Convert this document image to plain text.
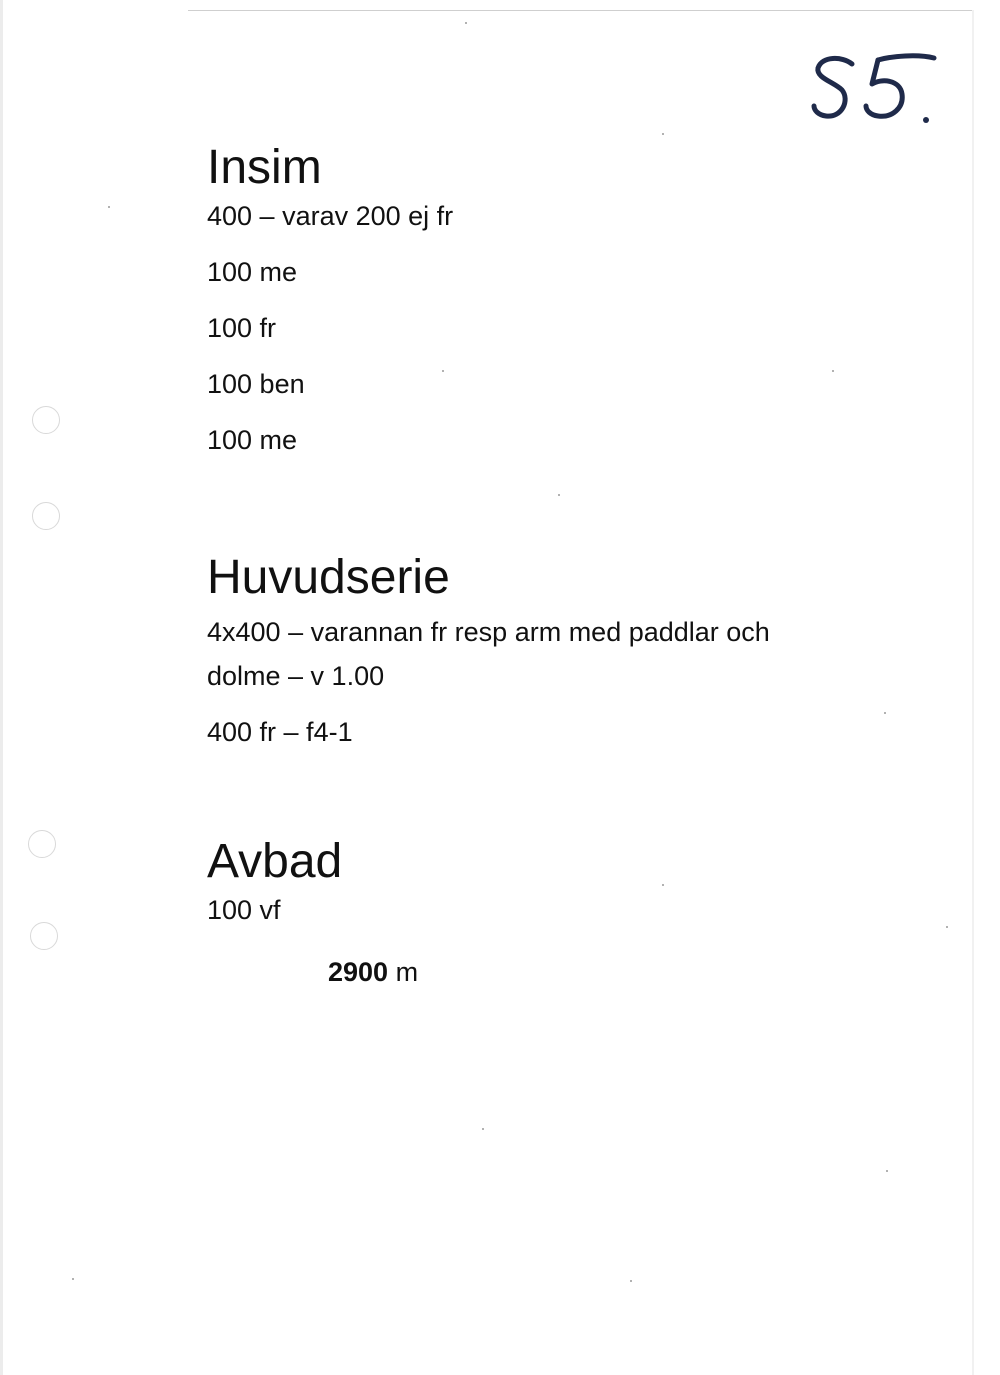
Insim

400 – varav 200 ej fr

100 me

100 fr

100 ben

100 me

Huvudserie

4x400 – varannan fr resp arm med paddlar och

dolme – v 1.00

400 fr – f4-1

Avbad

100 vf

2900 m
